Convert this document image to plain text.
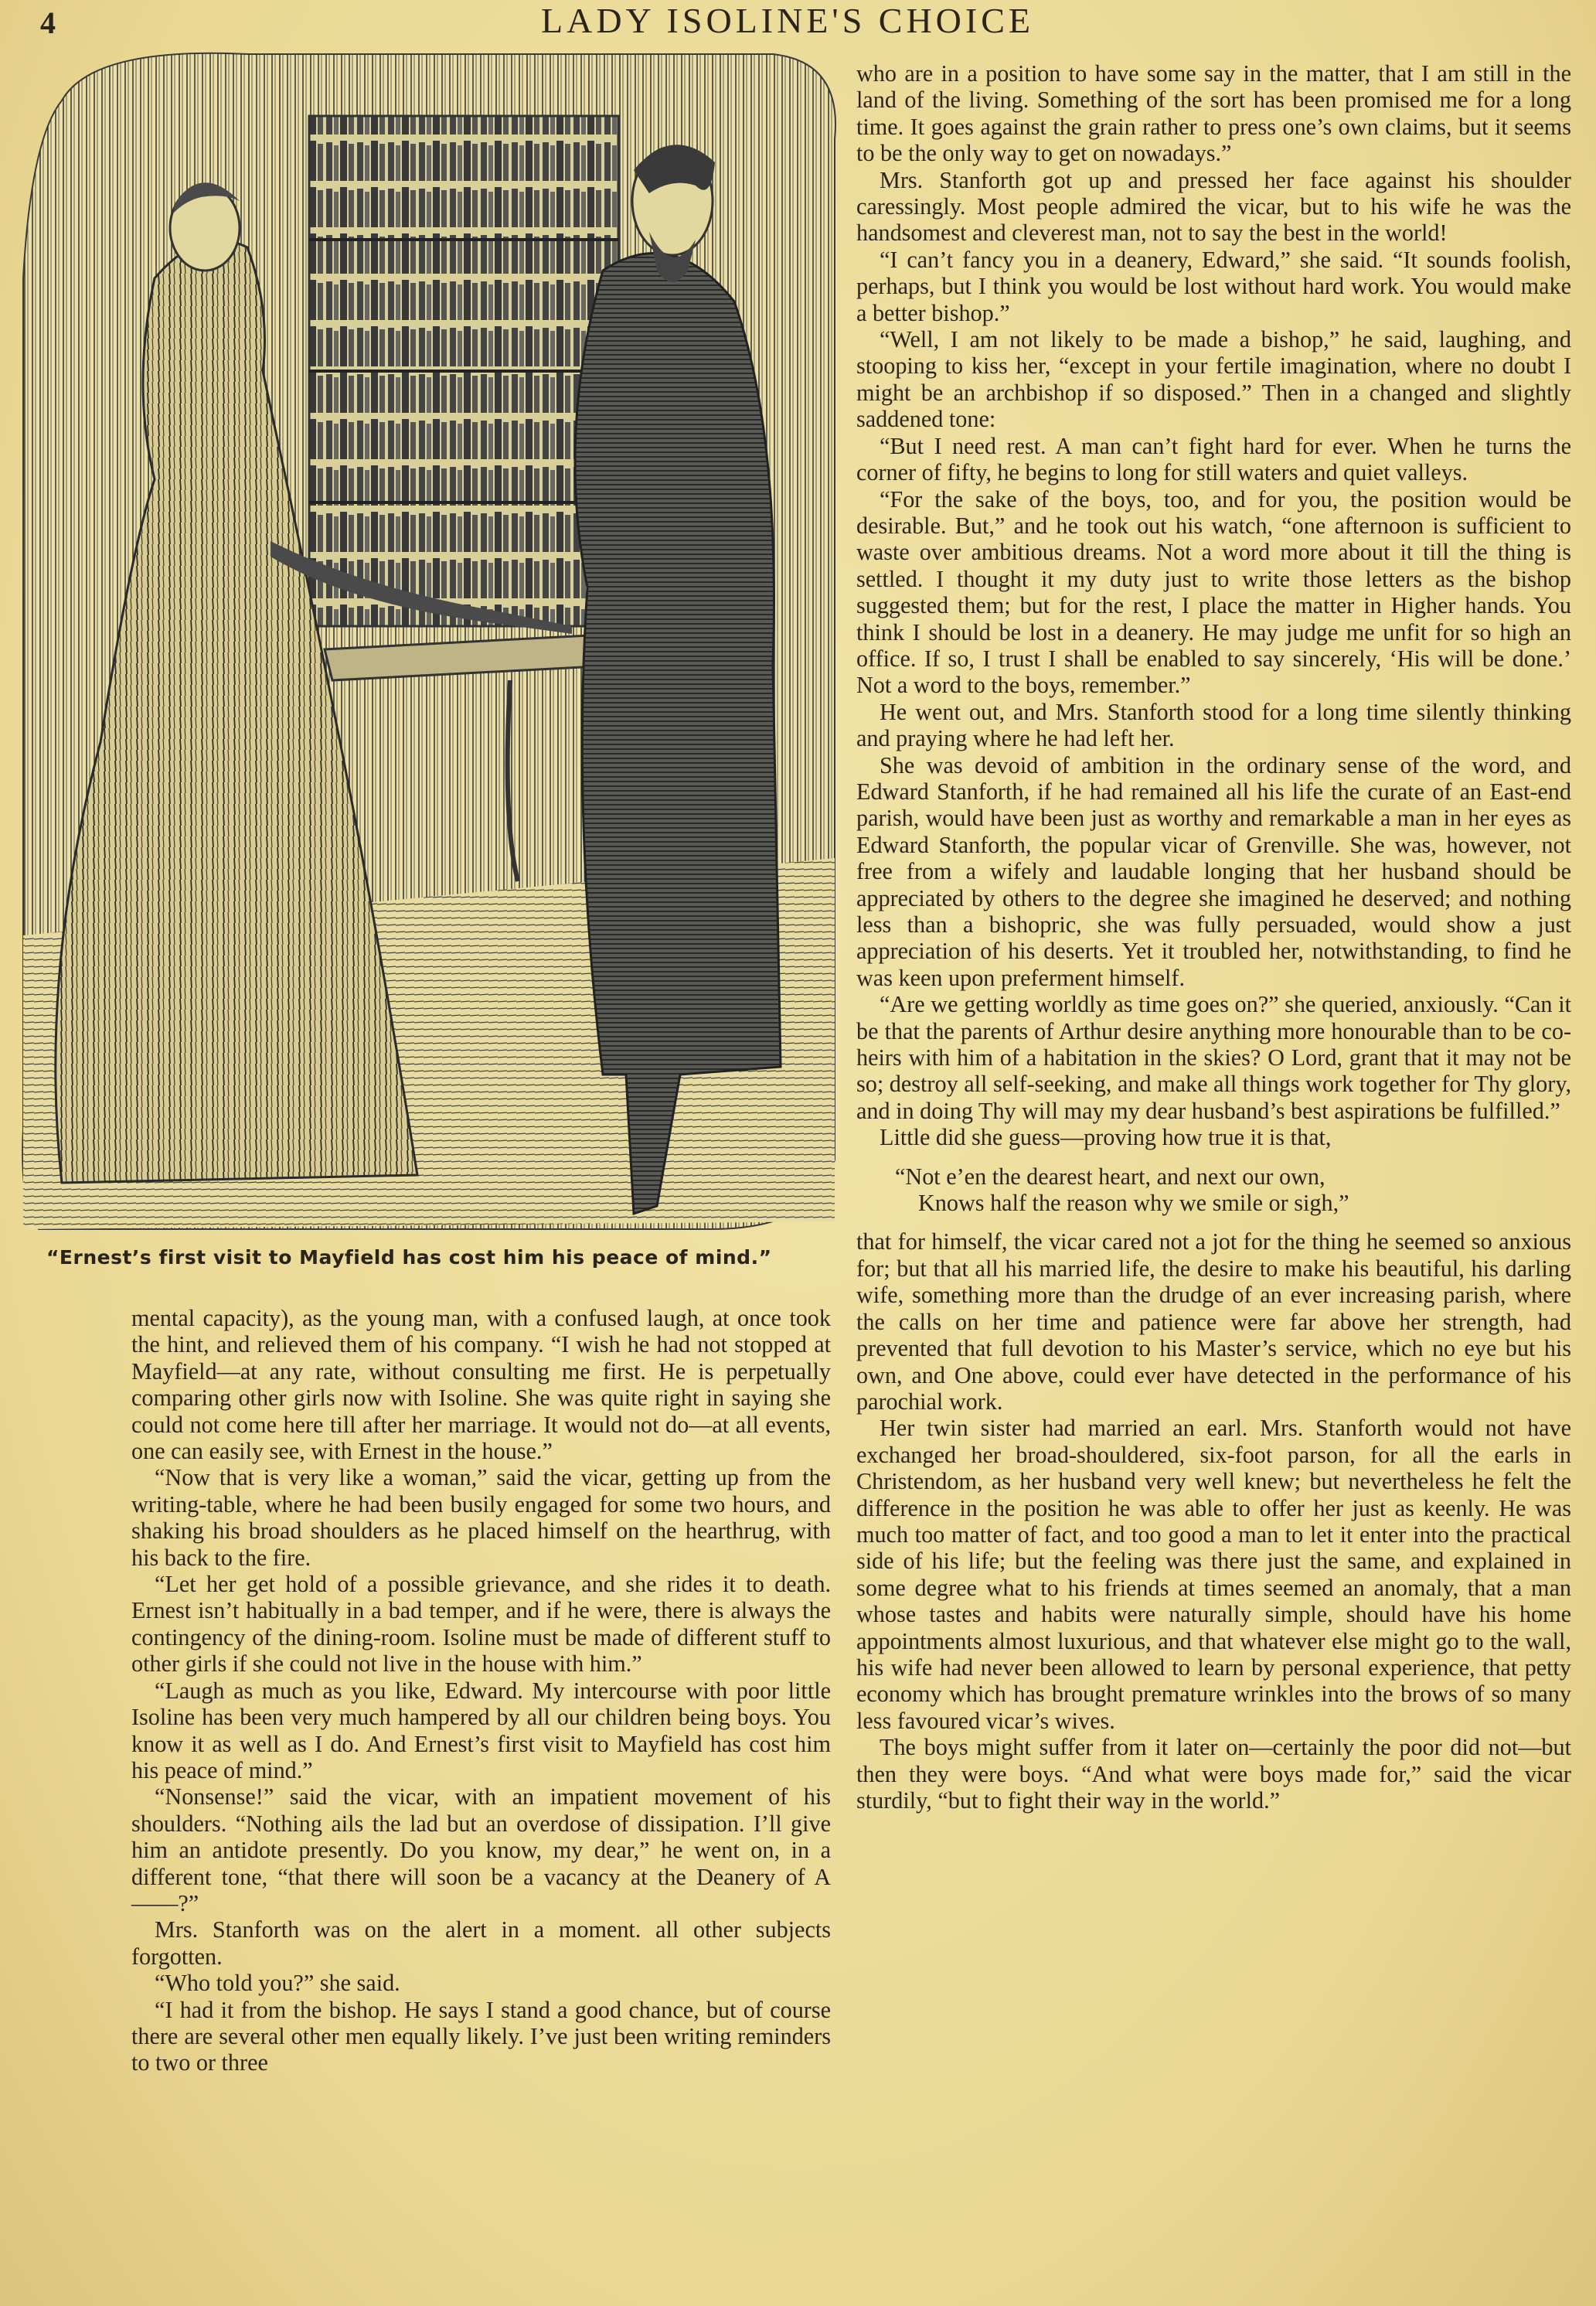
4	LADY ISOLINE'S CHOICE
“Ernest’s first visit to Mayfield has cost him his peace of mind.”

mental capacity), as the young man, with a confused laugh, at once took the hint, and relieved them of his company. “I wish he had not stopped at Mayfield—at any rate, without consulting me first. He is perpetually comparing other girls now with Isoline. She was quite right in saying she could not come here till after her marriage. It would not do—at all events, one can easily see, with Ernest in the house.”

“Now that is very like a woman,” said the vicar, getting up from the writing-table, where he had been busily engaged for some two hours, and shaking his broad shoulders as he placed himself on the hearthrug, with his back to the fire.

“Let her get hold of a possible grievance, and she rides it to death. Ernest isn’t habitually in a bad temper, and if he were, there is always the contingency of the dining-room. Isoline must be made of different stuff to other girls if she could not live in the house with him.”

“Laugh as much as you like, Edward. My intercourse with poor little Isoline has been very much hampered by all our children being boys. You know it as well as I do. And Ernest’s first visit to Mayfield has cost him his peace of mind.”

“Nonsense!” said the vicar, with an impatient movement of his shoulders. “Nothing ails the lad but an overdose of dissipation. I’ll give him an antidote presently. Do you know, my dear,” he went on, in a different tone, “that there will soon be a vacancy at the Deanery of A——?”

Mrs. Stanforth was on the alert in a moment. all other subjects forgotten.

“Who told you?” she said.

“I had it from the bishop. He says I stand a good chance, but of course there are several other men equally likely. I’ve just been writing reminders to two or three

who are in a position to have some say in the matter, that I am still in the land of the living. Something of the sort has been promised me for a long time. It goes against the grain rather to press one’s own claims, but it seems to be the only way to get on nowadays.”

Mrs. Stanforth got up and pressed her face against his shoulder caressingly. Most people admired the vicar, but to his wife he was the handsomest and cleverest man, not to say the best in the world!

“I can’t fancy you in a deanery, Edward,” she said. “It sounds foolish, perhaps, but I think you would be lost without hard work. You would make a better bishop.”

“Well, I am not likely to be made a bishop,” he said, laughing, and stooping to kiss her, “except in your fertile imagination, where no doubt I might be an archbishop if so disposed.” Then in a changed and slightly saddened tone:

“But I need rest. A man can’t fight hard for ever. When he turns the corner of fifty, he begins to long for still waters and quiet valleys.

“For the sake of the boys, too, and for you, the position would be desirable. But,” and he took out his watch, “one afternoon is sufficient to waste over ambitious dreams. Not a word more about it till the thing is settled. I thought it my duty just to write those letters as the bishop suggested them; but for the rest, I place the matter in Higher hands. You think I should be lost in a deanery. He may judge me unfit for so high an office. If so, I trust I shall be enabled to say sincerely, ‘His will be done.’ Not a word to the boys, remember.”

He went out, and Mrs. Stanforth stood for a long time silently thinking and praying where he had left her.

She was devoid of ambition in the ordinary sense of the word, and Edward Stanforth, if he had remained all his life the curate of an East-end parish, would have been just as worthy and remarkable a man in her eyes as Edward Stanforth, the popular vicar of Grenville. She was, however, not free from a wifely and laudable longing that her husband should be appreciated by others to the degree she imagined he deserved; and nothing less than a bishopric, she was fully persuaded, would show a just appreciation of his deserts. Yet it troubled her, notwithstanding, to find he was keen upon preferment himself.

“Are we getting worldly as time goes on?” she queried, anxiously. “Can it be that the parents of Arthur desire anything more honourable than to be co-heirs with him of a habitation in the skies? O Lord, grant that it may not be so; destroy all self-seeking, and make all things work together for Thy glory, and in doing Thy will may my dear husband’s best aspirations be fulfilled.”

Little did she guess—proving how true it is that,

“Not e’en the dearest heart, and next our own,
Knows half the reason why we smile or sigh,”

that for himself, the vicar cared not a jot for the thing he seemed so anxious for; but that all his married life, the desire to make his beautiful, his darling wife, something more than the drudge of an ever increasing parish, where the calls on her time and patience were far above her strength, had prevented that full devotion to his Master’s service, which no eye but his own, and One above, could ever have detected in the performance of his parochial work.

Her twin sister had married an earl. Mrs. Stanforth would not have exchanged her broad-shouldered, six-foot parson, for all the earls in Christendom, as her husband very well knew; but nevertheless he felt the difference in the position he was able to offer her just as keenly. He was much too matter of fact, and too good a man to let it enter into the practical side of his life; but the feeling was there just the same, and explained in some degree what to his friends at times seemed an anomaly, that a man whose tastes and habits were naturally simple, should have his home appointments almost luxurious, and that whatever else might go to the wall, his wife had never been allowed to learn by personal experience, that petty economy which has brought premature wrinkles into the brows of so many less favoured vicar’s wives.

The boys might suffer from it later on—certainly the poor did not—but then they were boys. “And what were boys made for,” said the vicar sturdily, “but to fight their way in the world.”
